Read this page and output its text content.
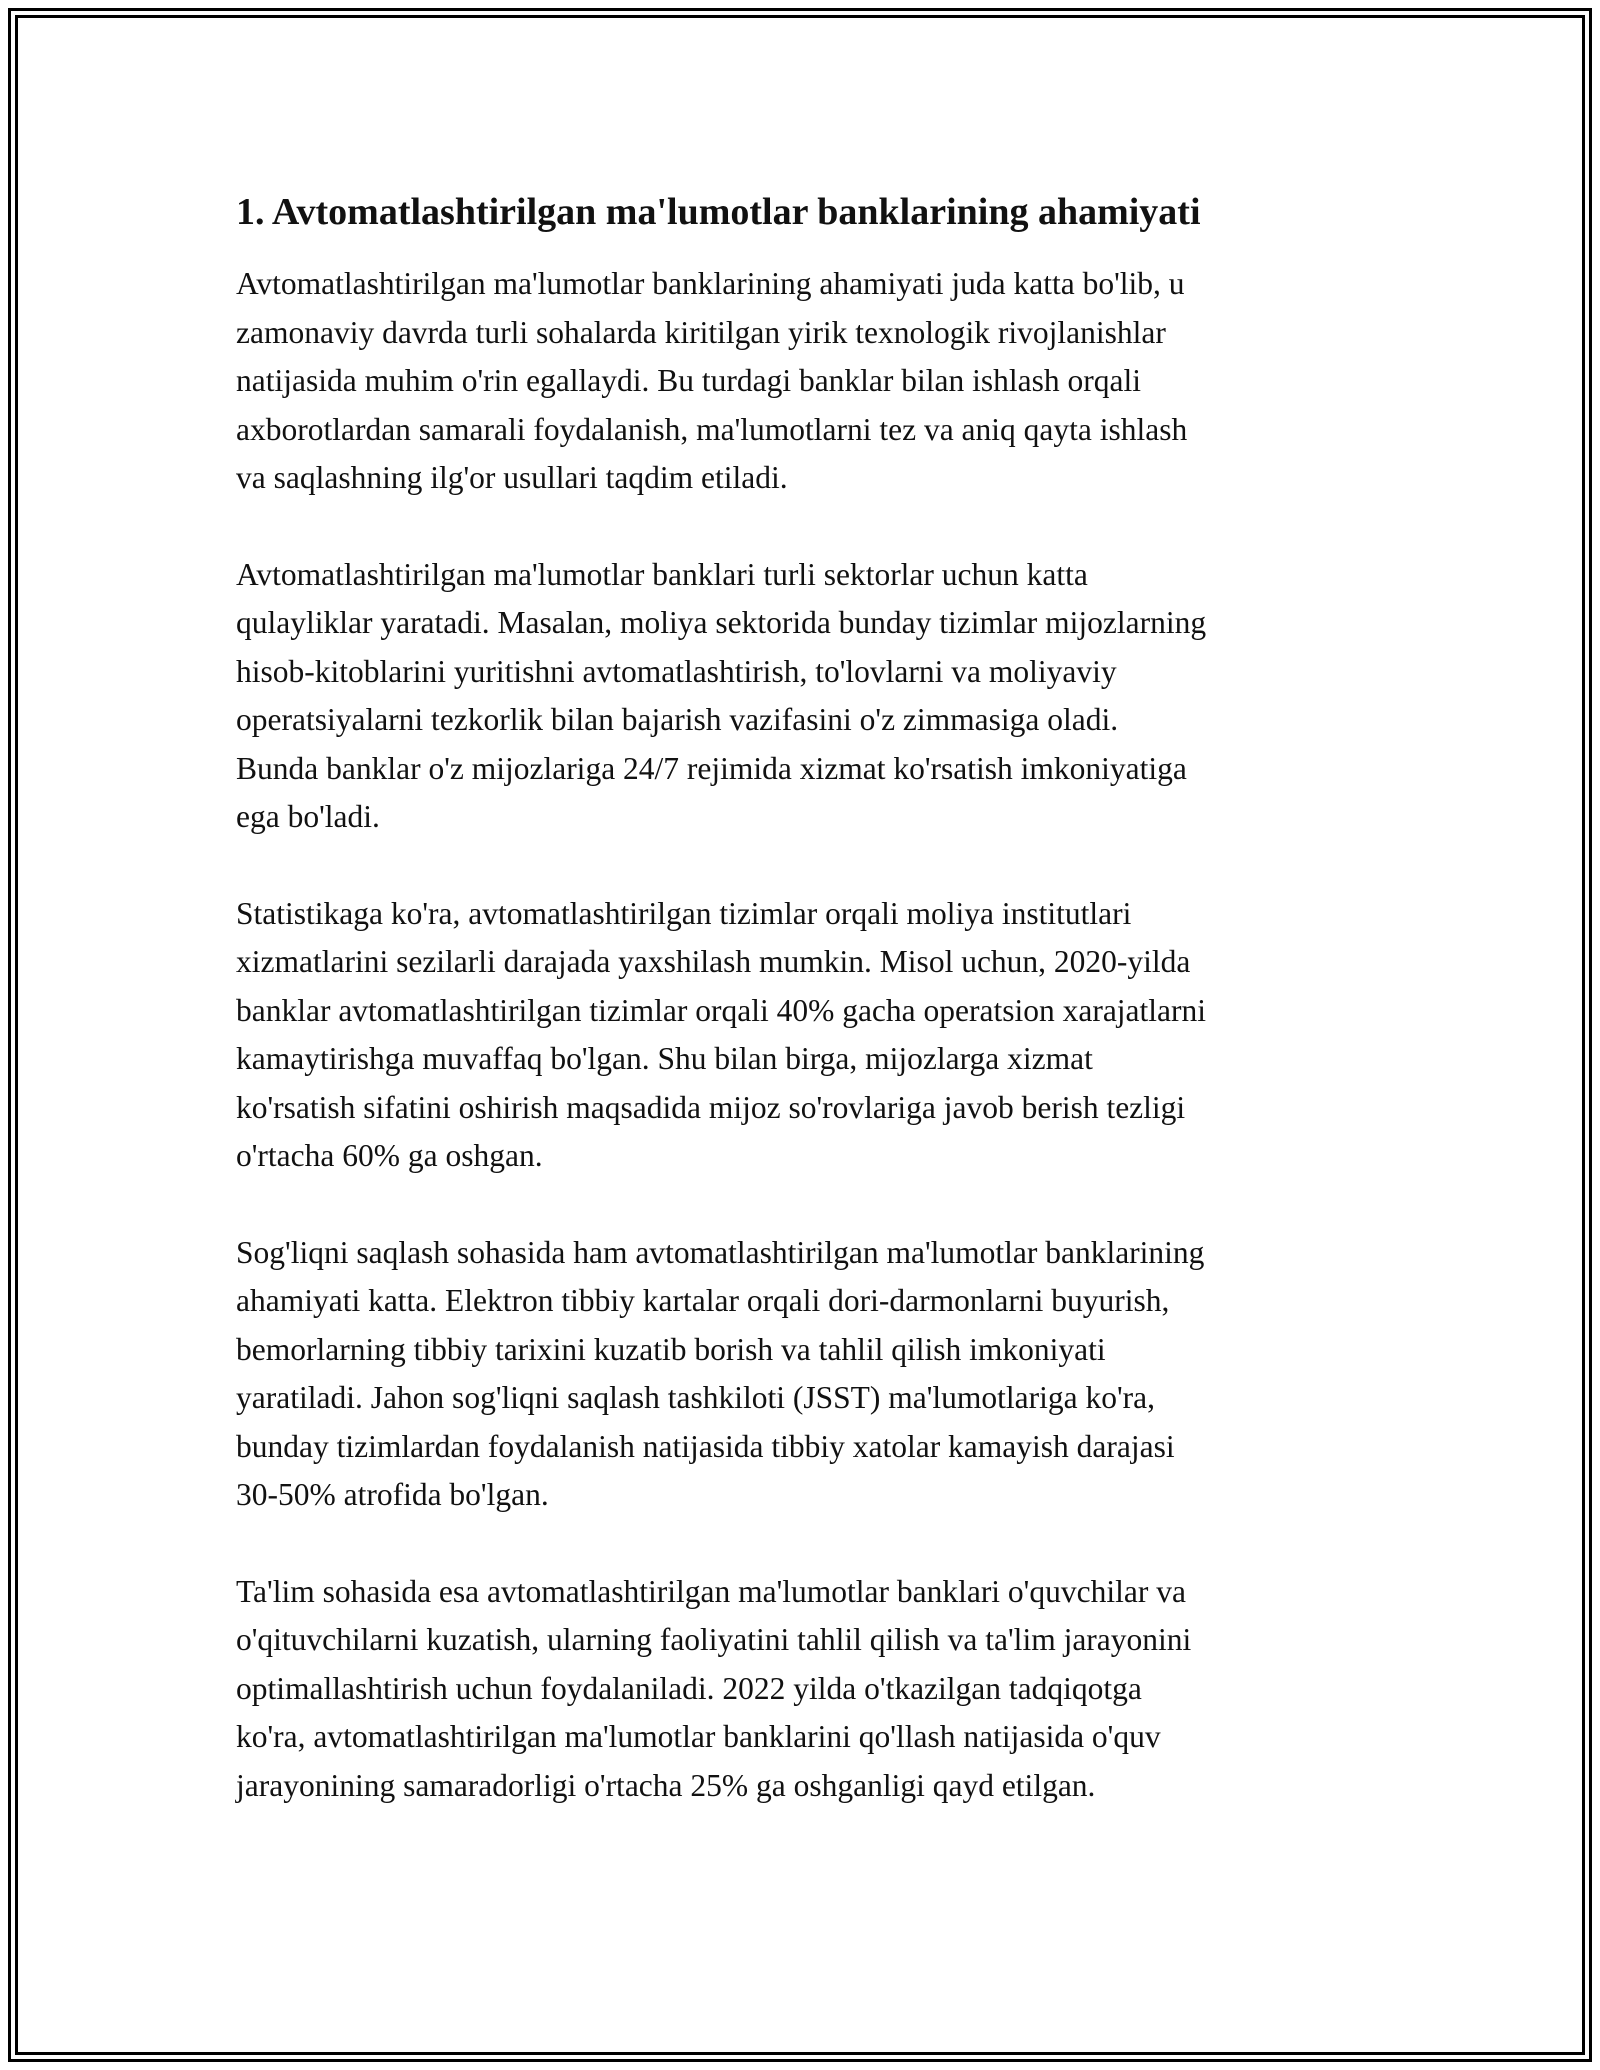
1. Avtomatlashtirilgan ma'lumotlar banklarining ahamiyati

Avtomatlashtirilgan ma'lumotlar banklarining ahamiyati juda katta bo'lib, u
zamonaviy davrda turli sohalarda kiritilgan yirik texnologik rivojlanishlar
natijasida muhim o'rin egallaydi. Bu turdagi banklar bilan ishlash orqali
axborotlardan samarali foydalanish, ma'lumotlarni tez va aniq qayta ishlash
va saqlashning ilg'or usullari taqdim etiladi.

Avtomatlashtirilgan ma'lumotlar banklari turli sektorlar uchun katta
qulayliklar yaratadi. Masalan, moliya sektorida bunday tizimlar mijozlarning
hisob-kitoblarini yuritishni avtomatlashtirish, to'lovlarni va moliyaviy
operatsiyalarni tezkorlik bilan bajarish vazifasini o'z zimmasiga oladi.
Bunda banklar o'z mijozlariga 24/7 rejimida xizmat ko'rsatish imkoniyatiga
ega bo'ladi.

Statistikaga ko'ra, avtomatlashtirilgan tizimlar orqali moliya institutlari
xizmatlarini sezilarli darajada yaxshilash mumkin. Misol uchun, 2020-yilda
banklar avtomatlashtirilgan tizimlar orqali 40% gacha operatsion xarajatlarni
kamaytirishga muvaffaq bo'lgan. Shu bilan birga, mijozlarga xizmat
ko'rsatish sifatini oshirish maqsadida mijoz so'rovlariga javob berish tezligi
o'rtacha 60% ga oshgan.

Sog'liqni saqlash sohasida ham avtomatlashtirilgan ma'lumotlar banklarining
ahamiyati katta. Elektron tibbiy kartalar orqali dori-darmonlarni buyurish,
bemorlarning tibbiy tarixini kuzatib borish va tahlil qilish imkoniyati
yaratiladi. Jahon sog'liqni saqlash tashkiloti (JSST) ma'lumotlariga ko'ra,
bunday tizimlardan foydalanish natijasida tibbiy xatolar kamayish darajasi
30-50% atrofida bo'lgan.

Ta'lim sohasida esa avtomatlashtirilgan ma'lumotlar banklari o'quvchilar va
o'qituvchilarni kuzatish, ularning faoliyatini tahlil qilish va ta'lim jarayonini
optimallashtirish uchun foydalaniladi. 2022 yilda o'tkazilgan tadqiqotga
ko'ra, avtomatlashtirilgan ma'lumotlar banklarini qo'llash natijasida o'quv
jarayonining samaradorligi o'rtacha 25% ga oshganligi qayd etilgan.
